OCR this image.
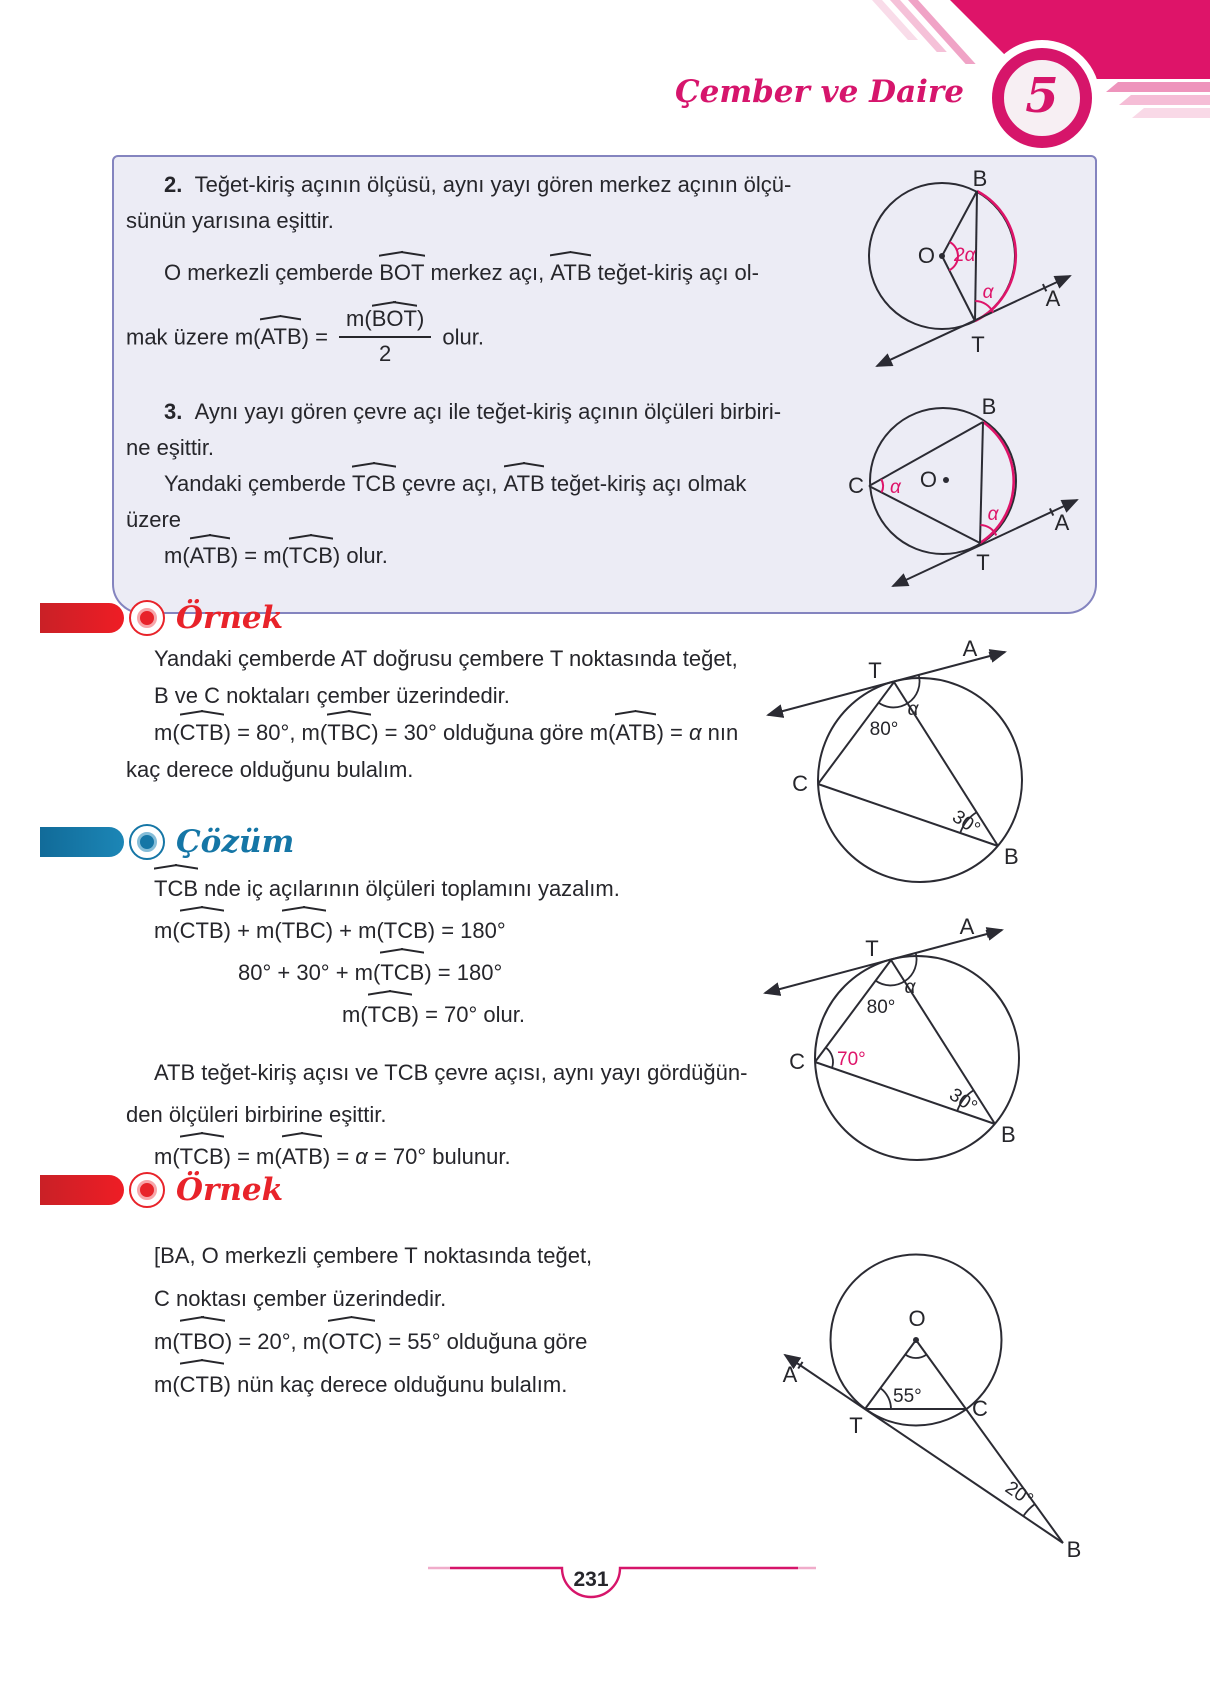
Çember ve Daire 5
2.  Teğet-kiriş açının ölçüsü, aynı yayı gören merkez açının ölçü-
sünün yarısına eşittir.
O merkezli çemberde BOT merkez açı, ATB teğet-kiriş açı ol-
mak üzere $m(ATB) = \frac{\text{m(BOT)}}{2}$ olur.
3.  Aynı yayı gören çevre açı ile teğet-kiriş açının ölçüleri birbiri-
ne eşittir.
Yandaki çemberde TCB çevre açı, ATB teğet-kiriş açı olmak
üzere
m(ATB) = m(TCB) olur.
B
T
O
A
2α
α
B
C
T
O
A
α
α
Örnek
Yandaki çemberde AT doğrusu çembere T noktasında teğet,
B ve C noktaları çember üzerindedir.
m(CTB) = 80°, m(TBC) = 30° olduğuna göre m(ATB) = α nın
kaç derece olduğunu bulalım.
A
T
C
B
80°
α
30°
Çözüm
TCB nde iç açılarının ölçüleri toplamını yazalım.
m(CTB) + m(TBC) + m(TCB) = 180°
80° + 30° + m(TCB) = 180°
m(TCB) = 70° olur.
ATB teğet-kiriş açısı ve TCB çevre açısı, aynı yayı gördüğün-
den ölçüleri birbirine eşittir.
m(TCB) = m(ATB) = α = 70° bulunur.
A
T
C
B
80°
α
30°
70°
Örnek
[BA, O merkezli çembere T noktasında teğet,
C noktası çember üzerindedir.
m(TBO) = 20°, m(OTC) = 55° olduğuna göre
m(CTB) nün kaç derece olduğunu bulalım.
O
A
T
C
B
55°
20°
231
